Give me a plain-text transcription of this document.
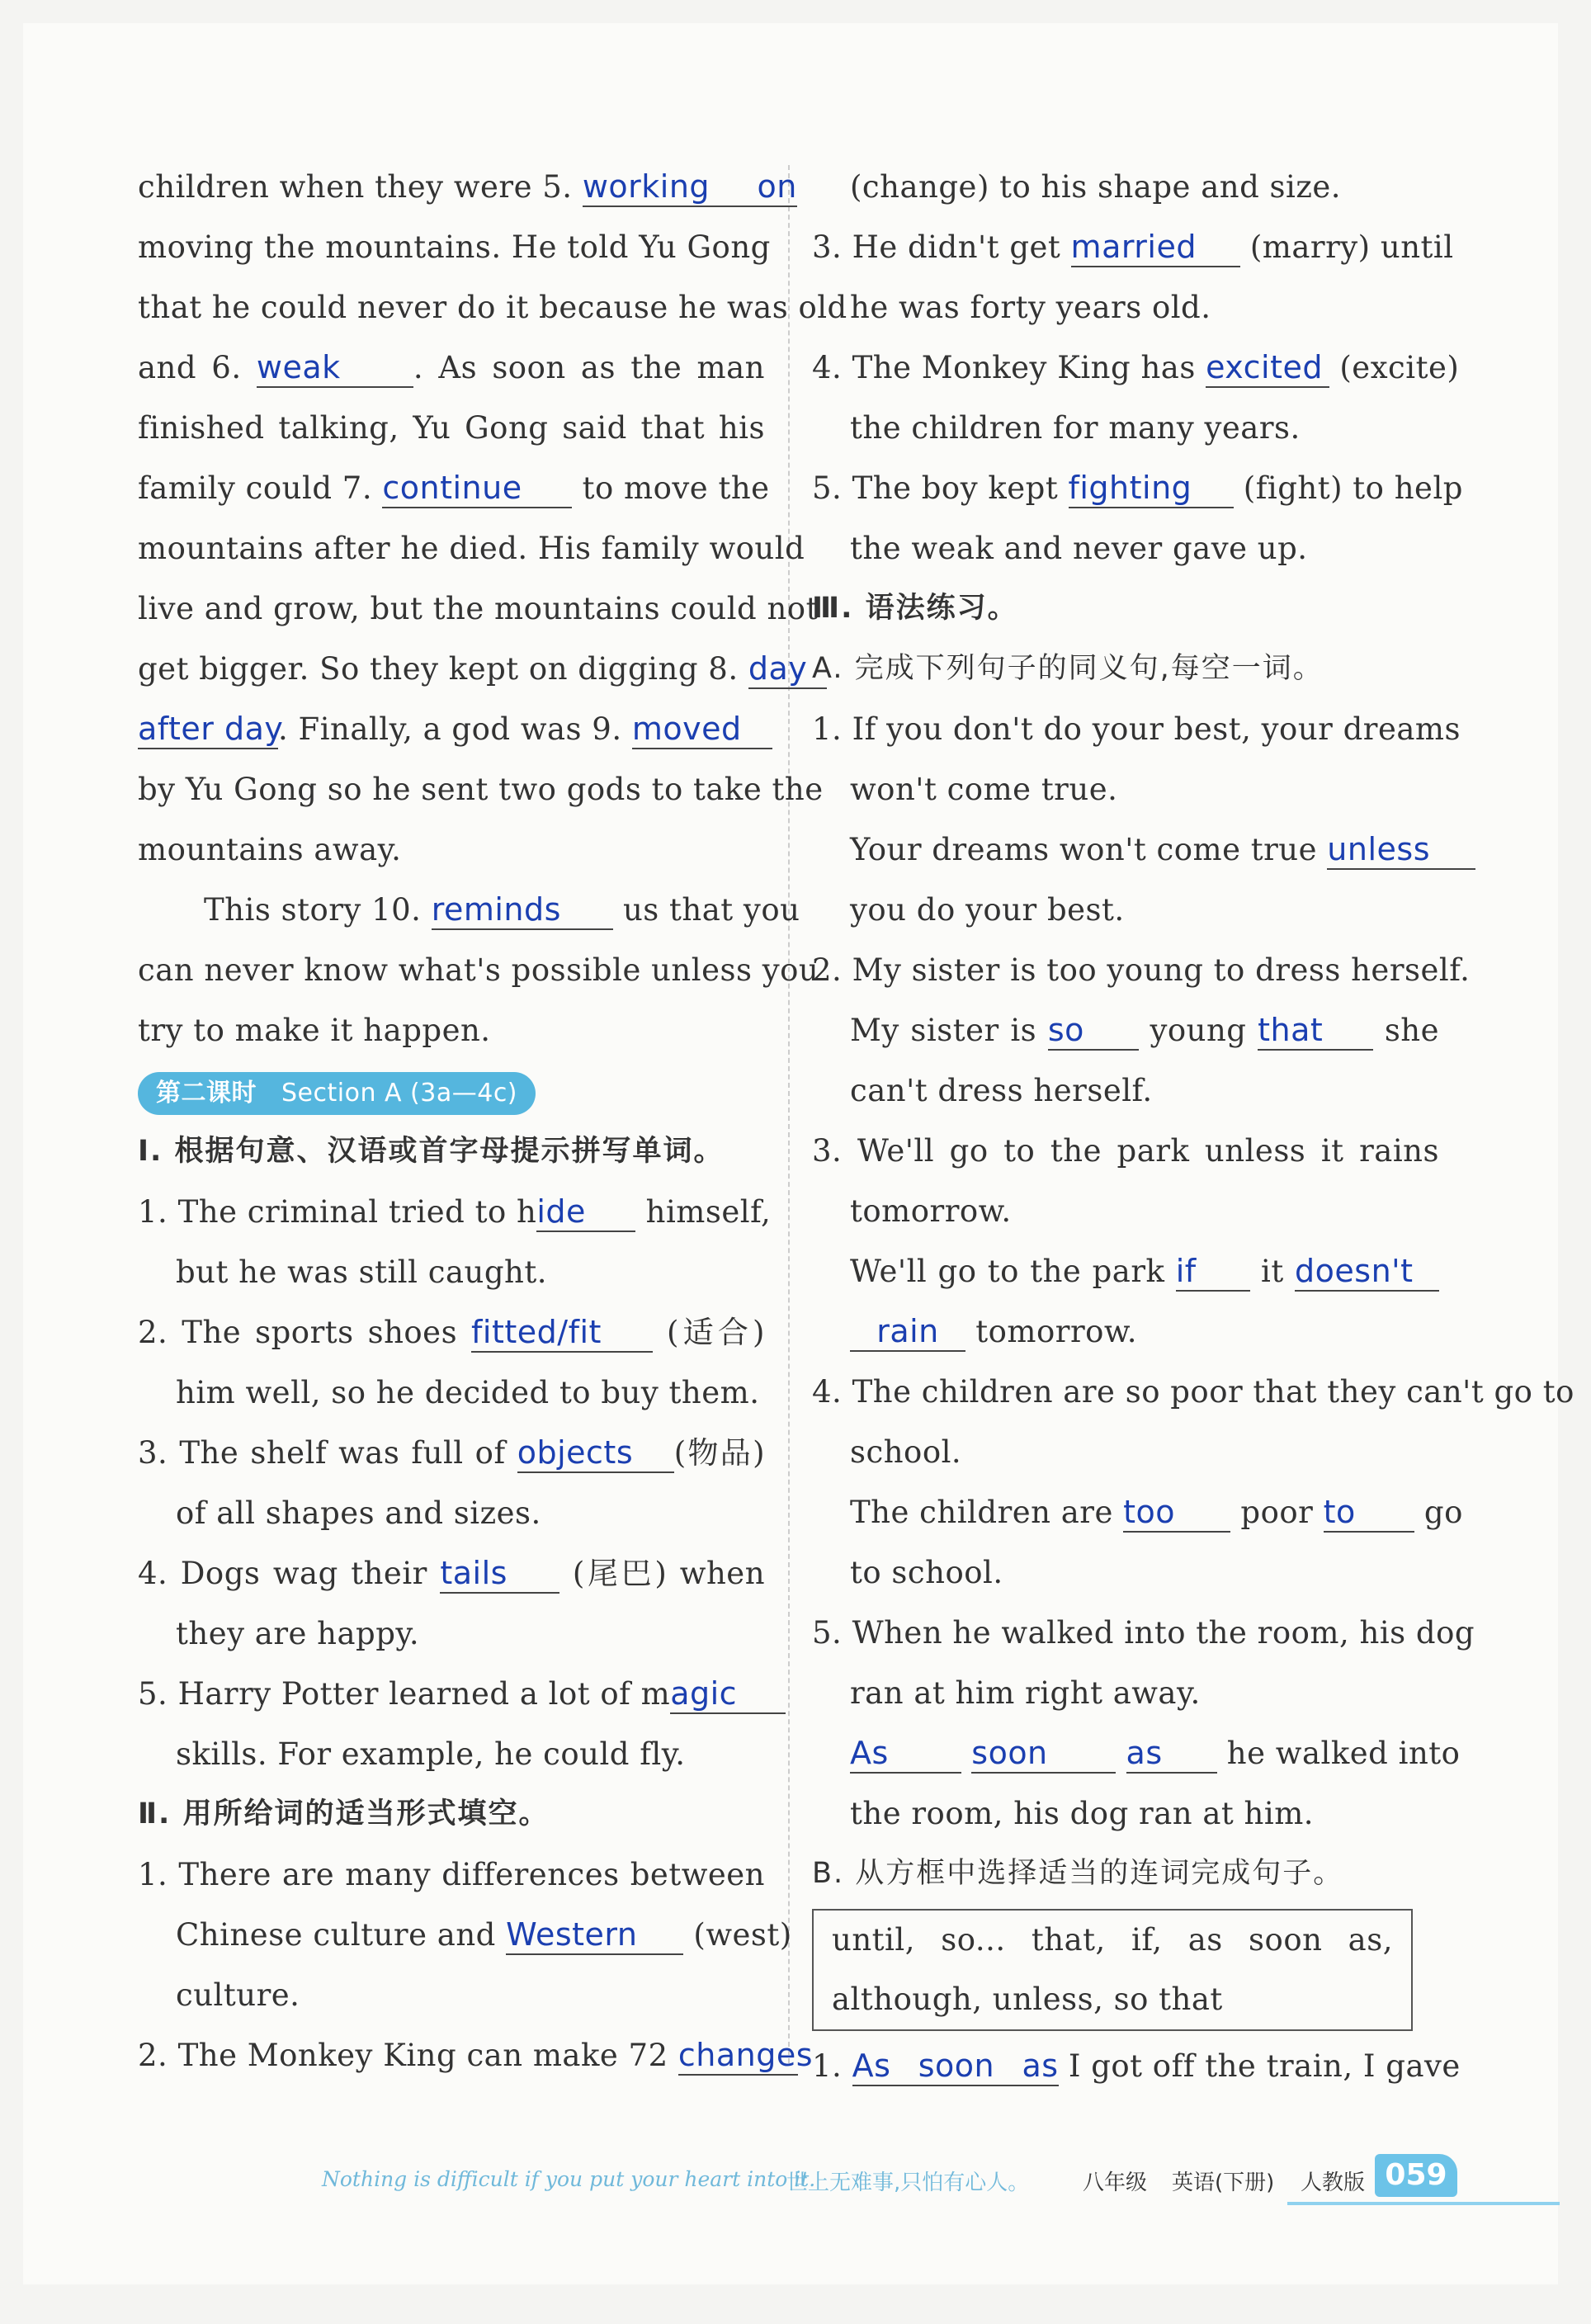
children when they were 5. working on
moving the mountains. He told Yu Gong
that he could never do it because he was old
and 6. weak . As soon as the man
finished talking, Yu Gong said that his
family could 7. continue to move the
mountains after he died. His family would
live and grow, but the mountains could not
get bigger. So they kept on digging 8. day
after day. Finally, a god was 9. moved
by Yu Gong so he sent two gods to take the
mountains away.
This story 10. reminds us that you
can never know what's possible unless you
try to make it happen.
第二课时 Section A (3a—4c)
Ⅰ. 根据句意、汉语或首字母提示拼写单词。
1. The criminal tried to hide himself,
but he was still caught.
2. The sports shoes fitted/fit (适合)
him well, so he decided to buy them.
3. The shelf was full of objects (物品)
of all shapes and sizes.
4. Dogs wag their tails (尾巴) when
they are happy.
5. Harry Potter learned a lot of magic
skills. For example, he could fly.
Ⅱ. 用所给词的适当形式填空。
1. There are many differences between
Chinese culture and Western (west)
culture.
2. The Monkey King can make 72 changes
(change) to his shape and size.
3. He didn't get married (marry) until
he was forty years old.
4. The Monkey King has excited (excite)
the children for many years.
5. The boy kept fighting (fight) to help
the weak and never gave up.
Ⅲ. 语法练习。
A. 完成下列句子的同义句,每空一词。
1. If you don't do your best, your dreams
won't come true.
Your dreams won't come true unless
you do your best.
2. My sister is too young to dress herself.
My sister is so young that she
can't dress herself.
3. We'll go to the park unless it rains
tomorrow.
We'll go to the park if it doesn't
rain tomorrow.
4. The children are so poor that they can't go to
school.
The children are too poor to go
to school.
5. When he walked into the room, his dog
ran at him right away.
As	soon as he walked into
the room, his dog ran at him.
B. 从方框中选择适当的连词完成句子。
until, so... that, if, as soon as,
although, unless, so that
1. As soon as I got off the train, I gave
Nothing is difficult if you put your heart into it.
世上无难事,只怕有心人。 八年级 英语(下册) 人教版 059
